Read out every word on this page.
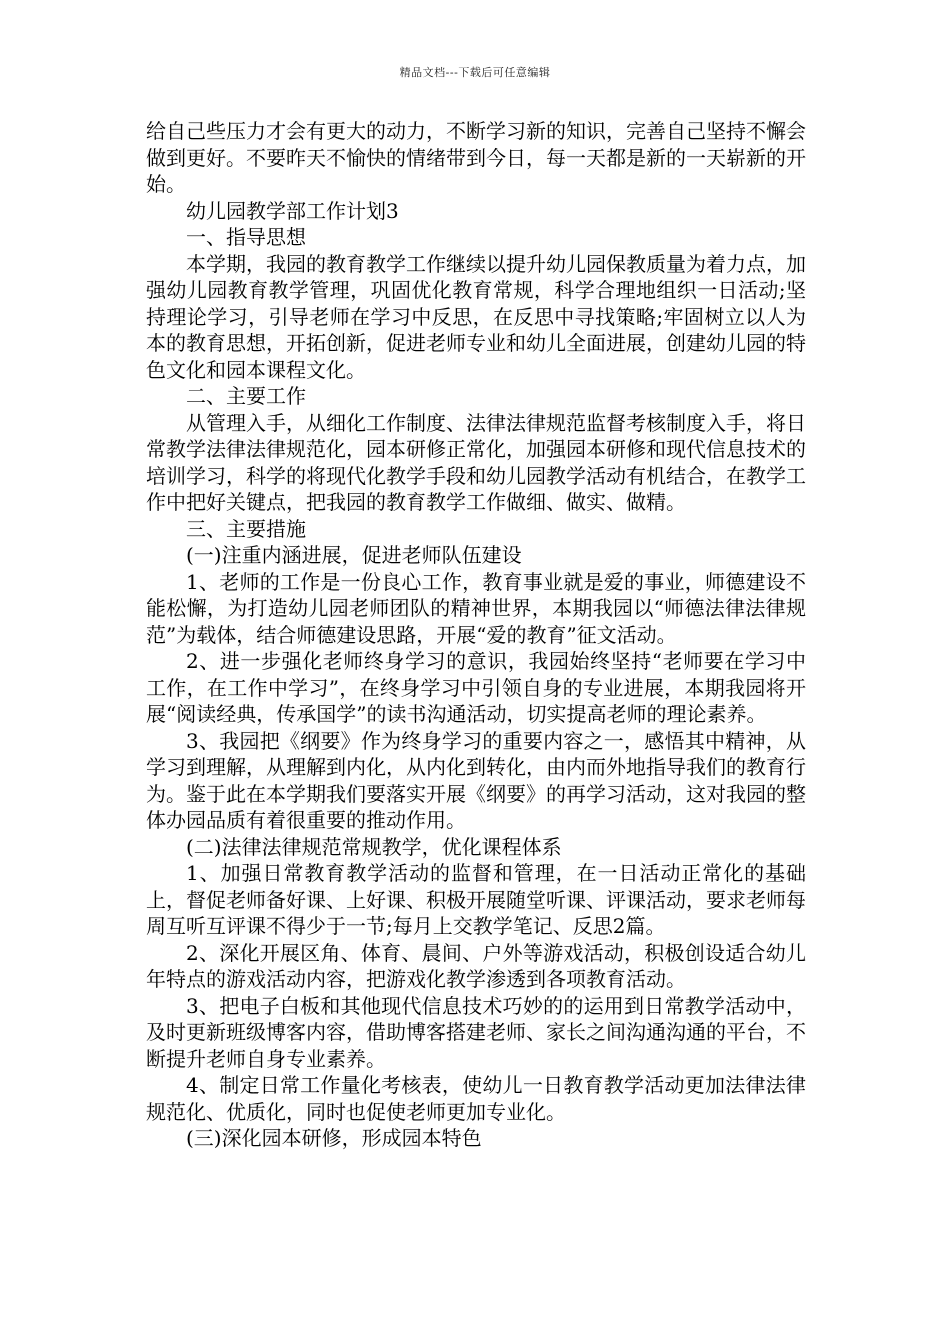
精品文档---下载后可任意编辑

给自己些压力才会有更大的动力，不断学习新的知识，完善自己坚持不懈会做到更好。不要昨天不愉快的情绪带到今日，每一天都是新的一天崭新的开始。

幼儿园教学部工作计划3

一、指导思想

本学期，我园的教育教学工作继续以提升幼儿园保教质量为着力点，加强幼儿园教育教学管理，巩固优化教育常规，科学合理地组织一日活动;坚持理论学习，引导老师在学习中反思，在反思中寻找策略;牢固树立以人为本的教育思想，开拓创新，促进老师专业和幼儿全面进展，创建幼儿园的特色文化和园本课程文化。

二、主要工作

从管理入手，从细化工作制度、法律法律规范监督考核制度入手，将日常教学法律法律规范化，园本研修正常化，加强园本研修和现代信息技术的培训学习，科学的将现代化教学手段和幼儿园教学活动有机结合，在教学工作中把好关键点，把我园的教育教学工作做细、做实、做精。

三、主要措施

(一)注重内涵进展，促进老师队伍建设

1、老师的工作是一份良心工作，教育事业就是爱的事业，师德建设不能松懈，为打造幼儿园老师团队的精神世界，本期我园以“师德法律法律规范”为载体，结合师德建设思路，开展“爱的教育”征文活动。

2、进一步强化老师终身学习的意识，我园始终坚持“老师要在学习中工作，在工作中学习”，在终身学习中引领自身的专业进展，本期我园将开展“阅读经典，传承国学”的读书沟通活动，切实提高老师的理论素养。

3、我园把《纲要》作为终身学习的重要内容之一，感悟其中精神，从学习到理解，从理解到内化，从内化到转化，由内而外地指导我们的教育行为。鉴于此在本学期我们要落实开展《纲要》的再学习活动，这对我园的整体办园品质有着很重要的推动作用。

(二)法律法律规范常规教学，优化课程体系

1、加强日常教育教学活动的监督和管理，在一日活动正常化的基础上，督促老师备好课、上好课、积极开展随堂听课、评课活动，要求老师每周互听互评课不得少于一节;每月上交教学笔记、反思2篇。

2、深化开展区角、体育、晨间、户外等游戏活动，积极创设适合幼儿年特点的游戏活动内容，把游戏化教学渗透到各项教育活动。

3、把电子白板和其他现代信息技术巧妙的的运用到日常教学活动中，及时更新班级博客内容，借助博客搭建老师、家长之间沟通沟通的平台，不断提升老师自身专业素养。

4、制定日常工作量化考核表，使幼儿一日教育教学活动更加法律法律规范化、优质化，同时也促使老师更加专业化。

(三)深化园本研修，形成园本特色
